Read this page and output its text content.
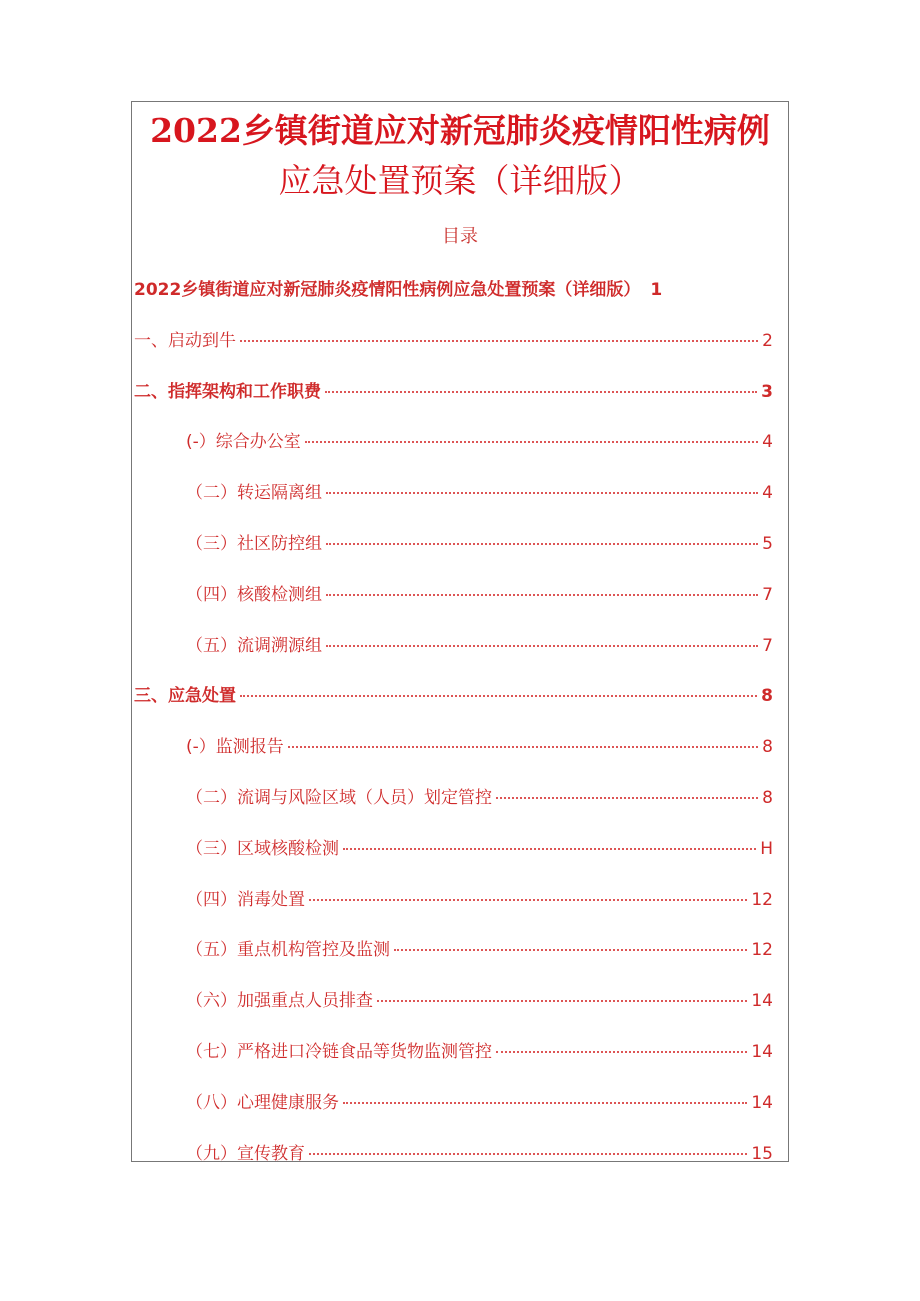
2022乡镇街道应对新冠肺炎疫情阳性病例
应急处置预案（详细版）
目录
2022乡镇街道应对新冠肺炎疫情阳性病例应急处置预案（详细版） 1
一、启动到牛	2
二、指挥架构和工作职费	3
(-）综合办公室	4
（二）转运隔离组	4
（三）社区防控组	5
（四）核酸检测组	7
（五）流调溯源组	7
三、应急处置	8
(-）监测报告	8
（二）流调与风险区域（人员）划定管控	8
（三）区域核酸检测	H
（四）消毒处置	12
（五）重点机构管控及监测	12
（六）加强重点人员排查	14
（七）严格进口冷链食品等货物监测管控	14
（八）心理健康服务	14
（九）宣传教育	15
